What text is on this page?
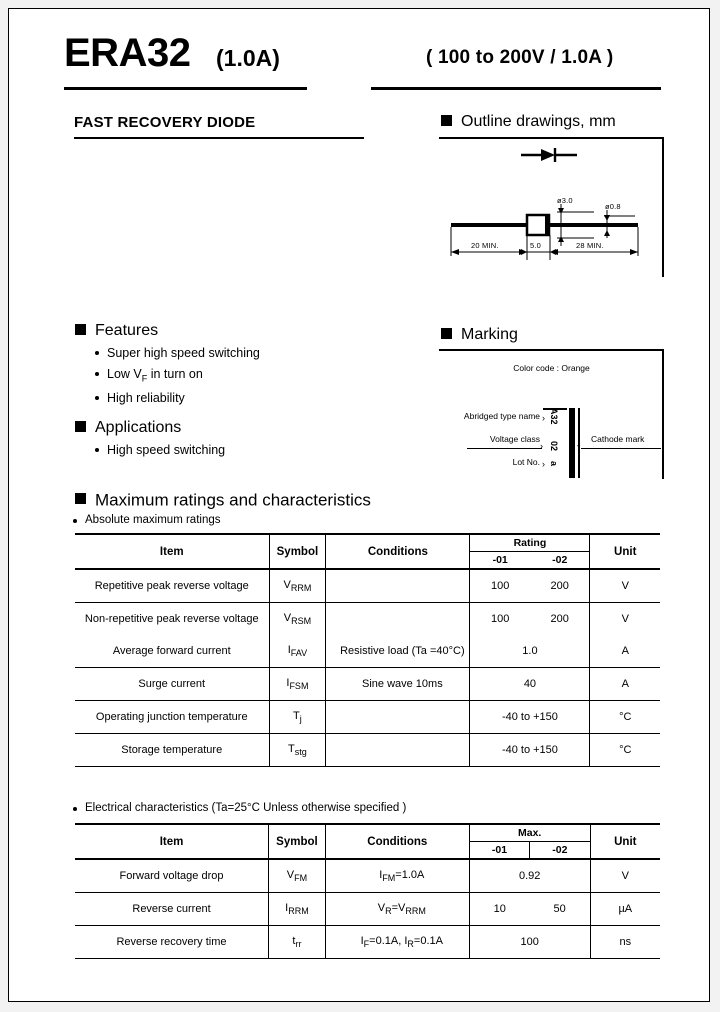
ERA32 (1.0A)	( 100 to 200V / 1.0A )
FAST RECOVERY DIODE	Outline drawings, mm
ø3.0
ø0.8
20 MIN.	5.0	28 MIN.
Marking
Color code : Orange
A32
02
a
Abridged type name ›
Voltage class
›
Lot No. ›
Cathode mark
‹
Features
Super high speed switching
Low $V_F$ in turn on
High reliability
Applications
High speed switching
Maximum ratings and characteristics
Absolute maximum ratings
Item	Symbol	Conditions	Rating		Unit
			-01	-02	
Repetitive peak reverse voltage	$V_{RRM}$		100	200	V
Non-repetitive peak reverse voltage	$V_{RSM}$		100	200	V
Average forward current	$I_{FAV}$	Resistive load (Ta =40°C)	1.0		A
Surge current	$I_{FSM}$	Sine wave 10ms	40		A
Operating junction temperature	$T_j$		-40 to +150		°C
Storage temperature	$T_{stg}$		-40 to +150		°C
Electrical characteristics (Ta=25°C Unless otherwise specified )
Item	Symbol	Conditions	Max.		Unit
			-01	-02	
Forward voltage drop	$V_{FM}$	$I_{FM}=1.0A$	0.92		V
Reverse current	$I_{RRM}$	$V_R=V_{RRM}$	10	50	µA
Reverse recovery time	$t_{rr}$	$I_F=0.1A$, $I_R=0.1A$	100		ns
